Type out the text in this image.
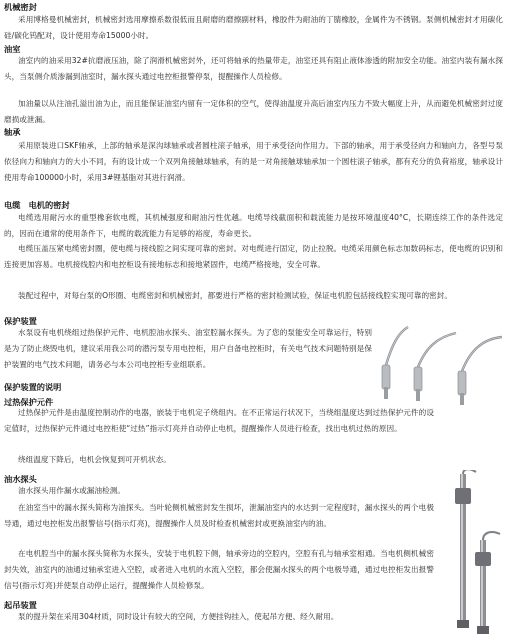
机械密封

采用博格曼机械密封，机械密封选用摩擦系数很低而且耐磨的磨擦副材料，橡胶件为耐油的丁腈橡胶，金属件为不锈钢。泵侧机械密封才用碳化硅/碳化钨配对，设计使用寿命15000小时。

油室

油室内的油采用32#抗磨液压油，除了润滑机械密封外，还可将轴承的热量带走，油室还具有阻止液体渗透的附加安全功能。油室内装有漏水探头，当泵侧介质渗漏到油室时，漏水探头通过电控柜报警停泵，提醒操作人员检修。

加油量以从注油孔溢出油为止，而且能保证油室内留有一定体积的空气，使得油温度升高后油室内压力不致大幅度上升，从而避免机械密封过度磨损或泄漏。

轴承

采用原装进口SKF轴承，上部的轴承是深沟球轴承或者圆柱滚子轴承，用于承受径向作用力。下部的轴承，用于承受径向力和轴向力，各型号泵依径向力和轴向力的大小不同，有的设计成一个双列角接触球轴承，有的是一对角接触球轴承加一个圆柱滚子轴承，都有充分的负荷裕度，轴承设计使用寿命100000小时，采用3#锂基脂对其进行润滑。

电缆　电机的密封

电缆选用耐污水的重型橡套软电缆，其机械强度和耐油污性优越。电缆导线截面积和载流能力是按环境温度40°C，长期连续工作的条件选定的，因而在通常的使用条件下，电缆的载流能力有足够的裕度，寿命更长。

电缆压盖压紧电缆密封圈，使电缆与接线腔之间实现可靠的密封。对电缆进行固定，防止拉脱。电缆采用颜色标志加数码标志，使电缆的识别和连接更加容易。电机接线腔内和电控柜设有接地标志和接地紧固件，电缆严格接地，安全可靠。

装配过程中，对每台泵的O形圈、电缆密封和机械密封，都要进行严格的密封检测试验，保证电机腔包括接线腔实现可靠的密封。

保护装置

水泵设有电机绕组过热保护元件、电机腔油水探头、油室腔漏水探头。为了您的泵能安全可靠运行，特别是为了防止烧毁电机，建议采用我公司的潜污泵专用电控柜，用户自备电控柜时，有关电气技术问题特别是保护装置的电气技术问题，请务必与本公司电控柜专业组联系。

保护装置的说明
过热保护元件

过热保护元件是由温度控制动作的电器，嵌装于电机定子绕组内。在不正常运行状况下，当绕组温度达到过热保护元件的设定值时，过热保护元件通过电控柜使“过热”指示灯亮并自动停止电机，提醒操作人员进行检查，找出电机过热的原因。

绕组温度下降后，电机会恢复到可开机状态。

油水探头

油水探头用作漏水或漏油检测。

在油室当中的漏水探头简称为油探头。当叶轮侧机械密封发生损坏，泄漏油室内的水达到一定程度时，漏水探头的两个电极导通，通过电控柜发出报警信号(指示灯亮)，提醒操作人员及时检查机械密封或更换油室内的油。

在电机腔当中的漏水探头简称为水探头，安装于电机腔下侧，轴承旁边的空腔内，空腔有孔与轴承室相通。当电机侧机械密封失效，油室内的油通过轴承室进入空腔，或者进入电机的水流入空腔，都会使漏水探头的两个电极导通，通过电控柜发出报警信号(指示灯亮)并使泵自动停止运行，提醒操作人员检修泵。

起吊装置

泵的提升架在采用304材质，同时设计有较大的空间，方便挂钩挂入，使起吊方便、经久耐用。
